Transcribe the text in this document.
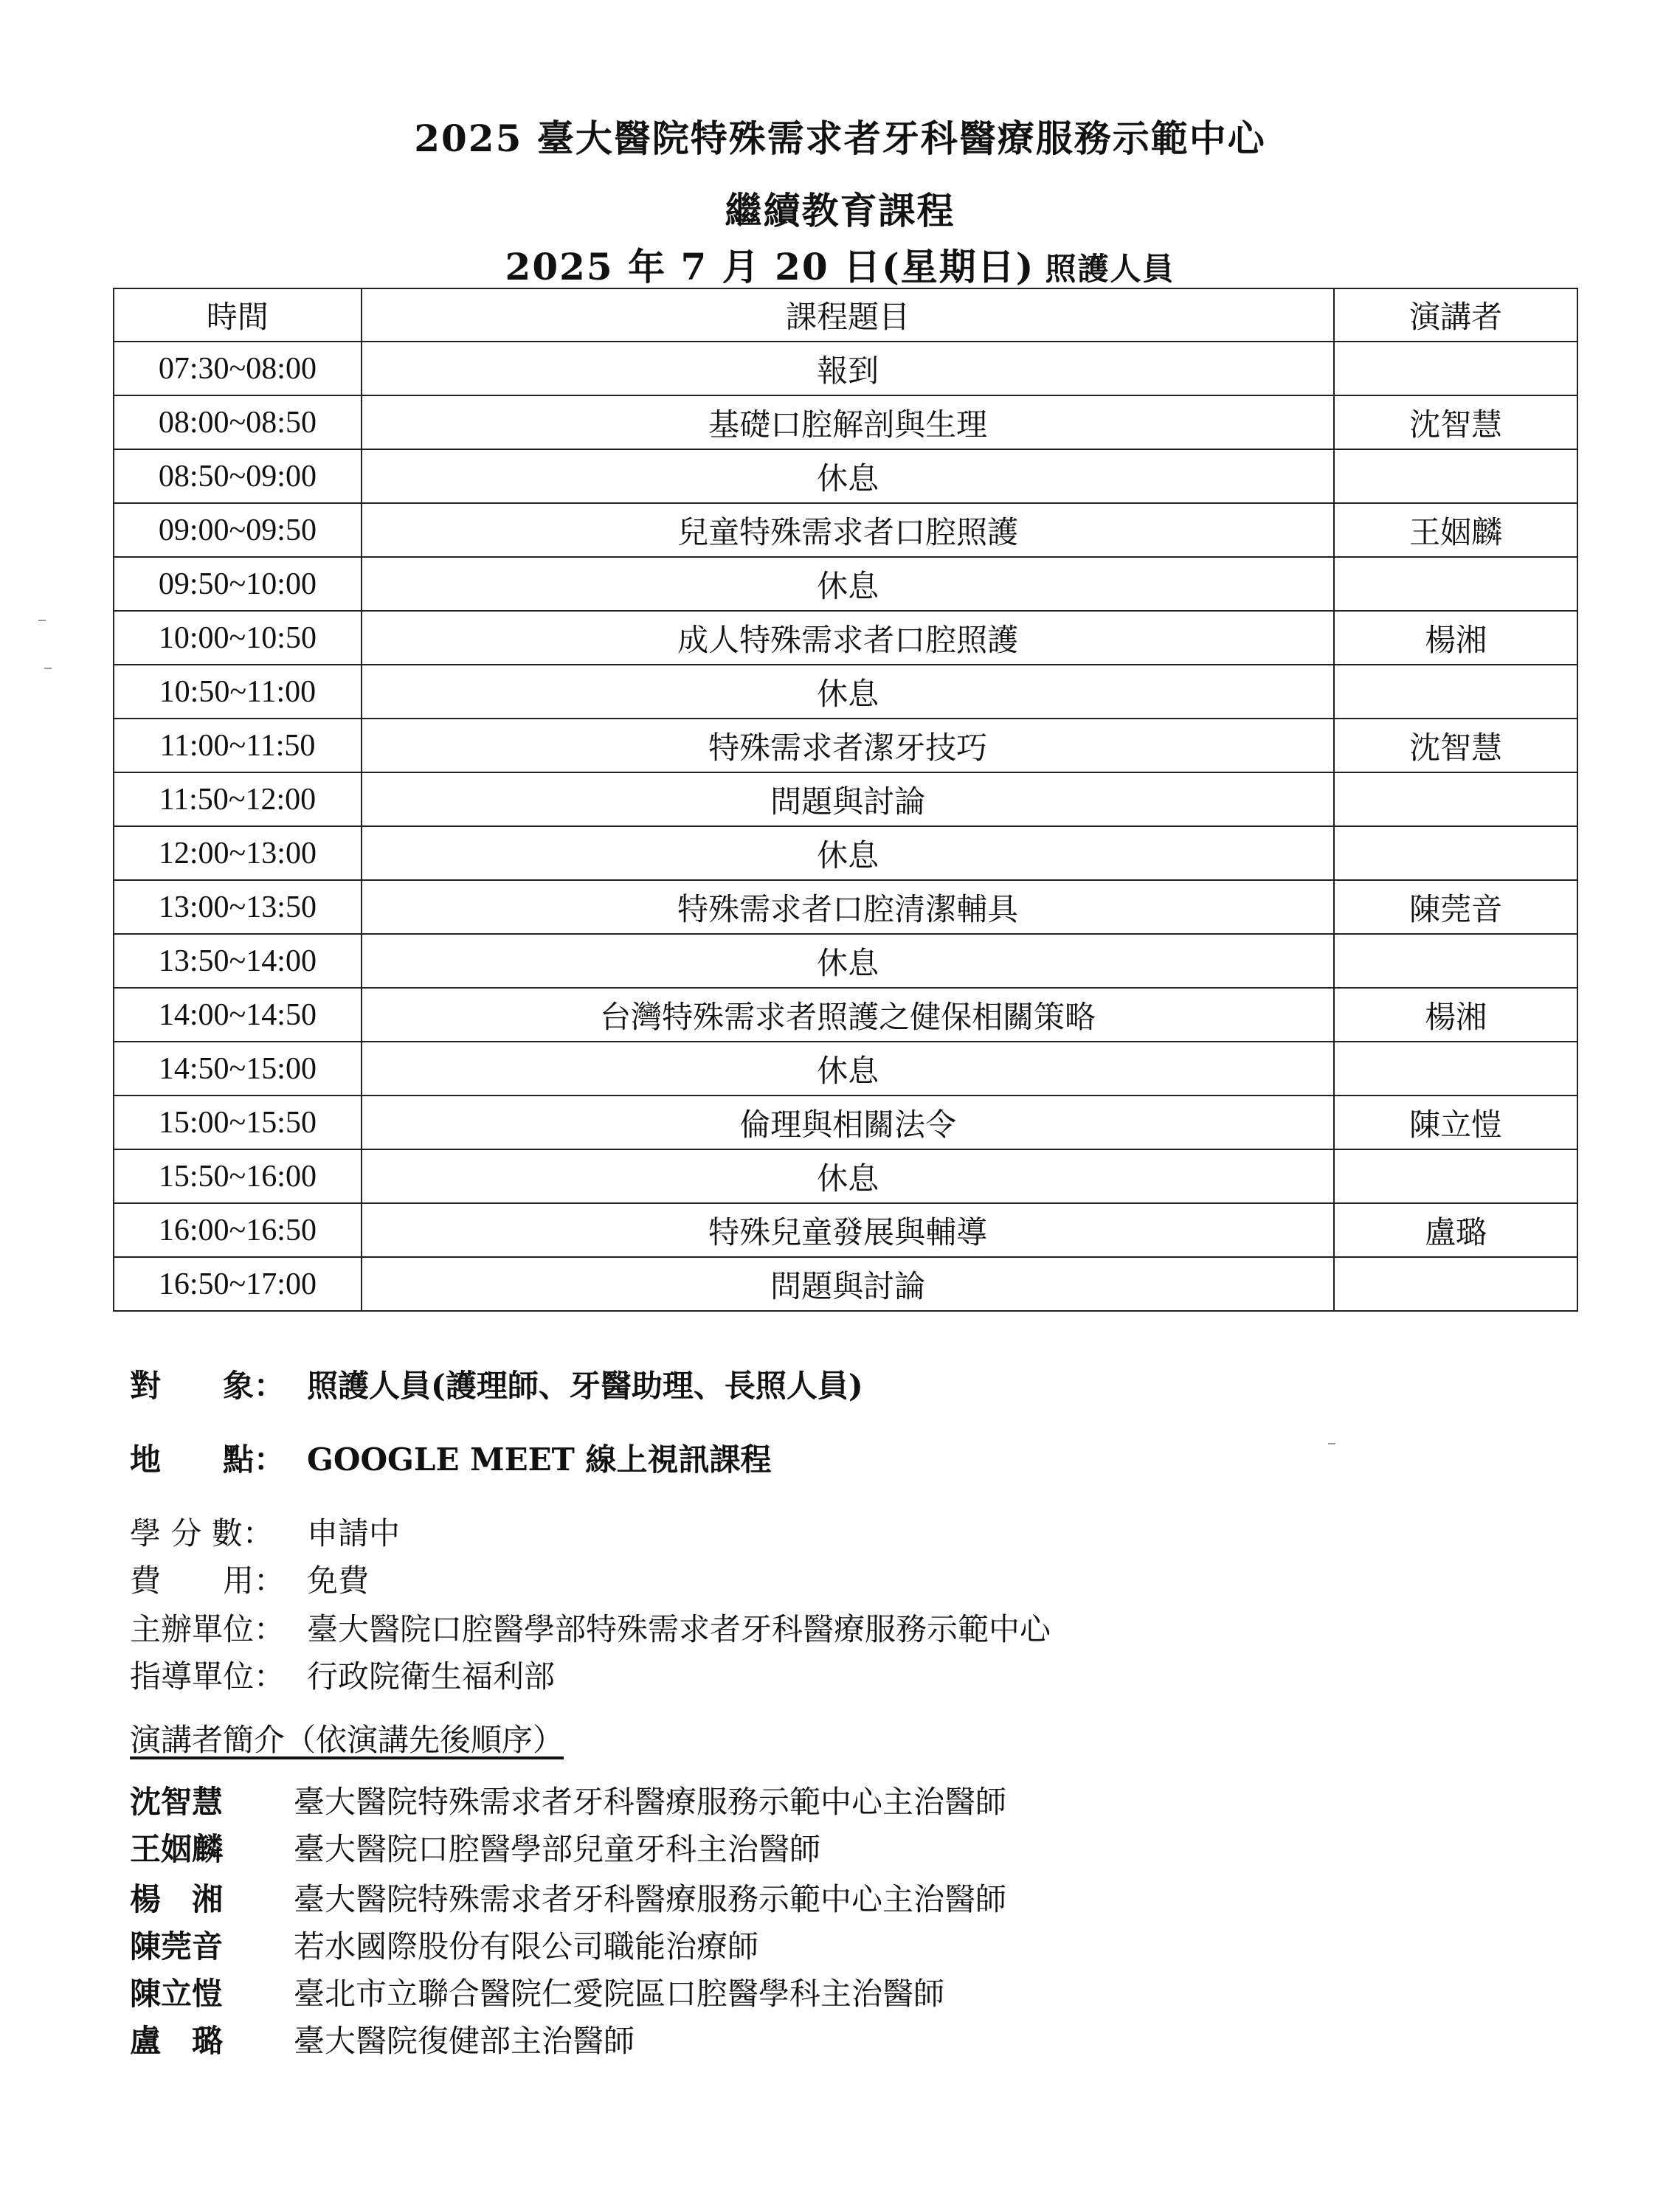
2025 臺大醫院特殊需求者牙科醫療服務示範中心
繼續教育課程
2025 年 7 月 20 日(星期日) 照護人員
時間	課程題目	演講者
07:30~08:00	報到	
08:00~08:50	基礎口腔解剖與生理	沈智慧
08:50~09:00	休息	
09:00~09:50	兒童特殊需求者口腔照護	王姻麟
09:50~10:00	休息	
10:00~10:50	成人特殊需求者口腔照護	楊湘
10:50~11:00	休息	
11:00~11:50	特殊需求者潔牙技巧	沈智慧
11:50~12:00	問題與討論	
12:00~13:00	休息	
13:00~13:50	特殊需求者口腔清潔輔具	陳莞音
13:50~14:00	休息	
14:00~14:50	台灣特殊需求者照護之健保相關策略	楊湘
14:50~15:00	休息	
15:00~15:50	倫理與相關法令	陳立愷
15:50~16:00	休息	
16:00~16:50	特殊兒童發展與輔導	盧璐
16:50~17:00	問題與討論	
對　　象： 照護人員(護理師、牙醫助理、長照人員)
地　　點： GOOGLE MEET 線上視訊課程
學 分 數： 申請中
費　　用： 免費
主辦單位： 臺大醫院口腔醫學部特殊需求者牙科醫療服務示範中心
指導單位： 行政院衛生福利部
演講者簡介（依演講先後順序）
沈智慧 臺大醫院特殊需求者牙科醫療服務示範中心主治醫師
王姻麟 臺大醫院口腔醫學部兒童牙科主治醫師
楊　湘 臺大醫院特殊需求者牙科醫療服務示範中心主治醫師
陳莞音 若水國際股份有限公司職能治療師
陳立愷 臺北市立聯合醫院仁愛院區口腔醫學科主治醫師
盧　璐 臺大醫院復健部主治醫師
